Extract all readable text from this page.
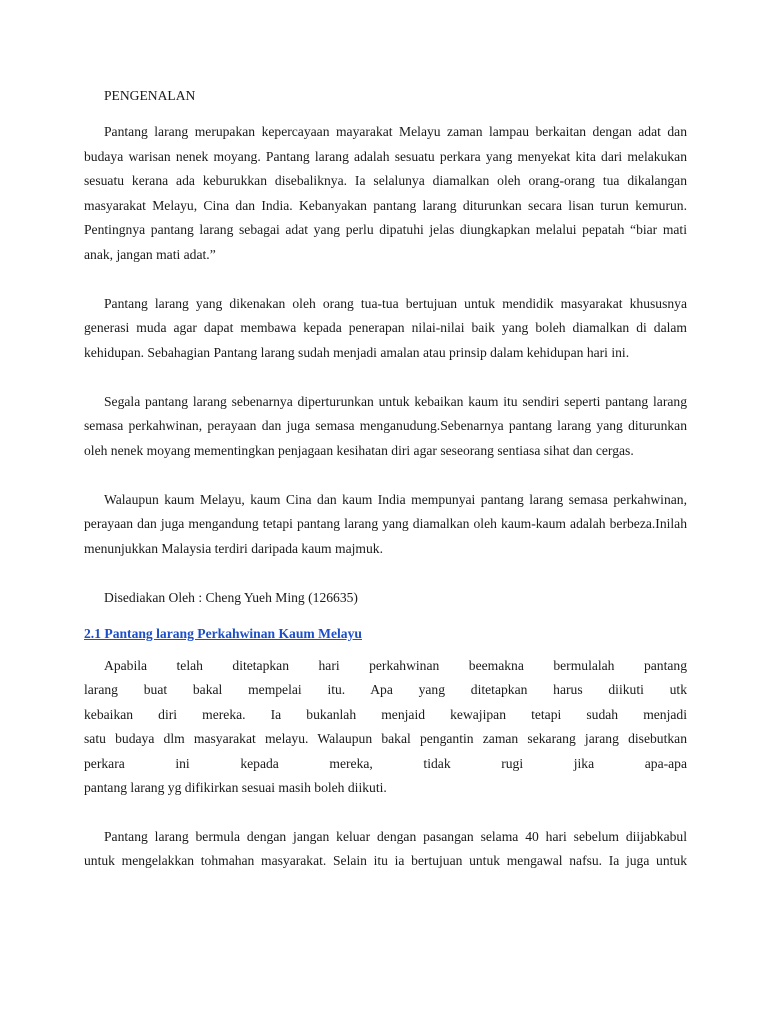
PENGENALAN

Pantang larang merupakan kepercayaan mayarakat Melayu zaman lampau berkaitan dengan adat dan budaya warisan nenek moyang. Pantang larang adalah sesuatu perkara yang menyekat kita dari melakukan sesuatu kerana ada keburukkan disebaliknya. Ia selalunya diamalkan oleh orang-orang tua dikalangan masyarakat Melayu, Cina dan India. Kebanyakan pantang larang diturunkan secara lisan turun kemurun. Pentingnya pantang larang sebagai adat yang perlu dipatuhi jelas diungkapkan melalui pepatah “biar mati anak, jangan mati adat.”

Pantang larang yang dikenakan oleh orang tua-tua bertujuan untuk mendidik masyarakat khususnya generasi muda agar dapat membawa kepada penerapan nilai-nilai baik yang boleh diamalkan di dalam kehidupan. Sebahagian Pantang larang sudah menjadi amalan atau prinsip dalam kehidupan hari ini.

Segala pantang larang sebenarnya diperturunkan untuk kebaikan kaum itu sendiri seperti pantang larang semasa perkahwinan, perayaan dan juga semasa menganudung.Sebenarnya pantang larang yang diturunkan oleh nenek moyang mementingkan penjagaan kesihatan diri agar seseorang sentiasa sihat dan cergas.

Walaupun kaum Melayu, kaum Cina dan kaum India mempunyai pantang larang semasa perkahwinan, perayaan dan juga mengandung tetapi pantang larang yang diamalkan oleh kaum-kaum adalah berbeza.Inilah menunjukkan Malaysia terdiri daripada kaum majmuk.

Disediakan Oleh : Cheng Yueh Ming (126635)
2.1 Pantang larang Perkahwinan Kaum Melayu

Apabila telah ditetapkan hari perkahwinan beemakna bermulalah pantang

larang buat bakal mempelai itu. Apa yang ditetapkan harus diikuti utk

kebaikan diri mereka. Ia bukanlah menjaid kewajipan tetapi sudah menjadi

satu budaya dlm masyarakat melayu. Walaupun bakal pengantin zaman sekarang jarang disebutkan

perkara ini kepada mereka, tidak rugi jika apa-apa

pantang larang yg difikirkan sesuai masih boleh diikuti.

Pantang larang bermula dengan jangan keluar dengan pasangan selama 40 hari sebelum diijabkabul

untuk mengelakkan tohmahan masyarakat. Selain itu ia bertujuan untuk mengawal nafsu. Ia juga untuk
